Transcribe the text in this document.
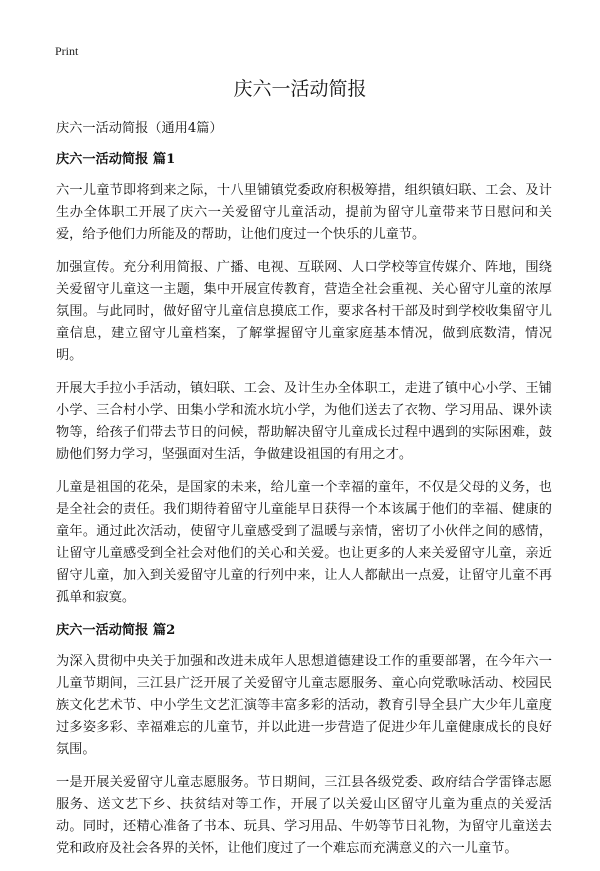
Print
庆六一活动简报

庆六一活动简报（通用4篇）

庆六一活动简报 篇1

六一儿童节即将到来之际，十八里铺镇党委政府积极筹措，组织镇妇联、工会、及计生办全体职工开展了庆六一关爱留守儿童活动，提前为留守儿童带来节日慰问和关爱，给予他们力所能及的帮助，让他们度过一个快乐的儿童节。

加强宣传。充分利用简报、广播、电视、互联网、人口学校等宣传媒介、阵地，围绕关爱留守儿童这一主题，集中开展宣传教育，营造全社会重视、关心留守儿童的浓厚氛围。与此同时，做好留守儿童信息摸底工作，要求各村干部及时到学校收集留守儿童信息，建立留守儿童档案，了解掌握留守儿童家庭基本情况，做到底数清，情况明。

开展大手拉小手活动，镇妇联、工会、及计生办全体职工，走进了镇中心小学、王铺小学、三合村小学、田集小学和流水坑小学，为他们送去了衣物、学习用品、课外读物等，给孩子们带去节日的问候，帮助解决留守儿童成长过程中遇到的实际困难，鼓励他们努力学习，坚强面对生活，争做建设祖国的有用之才。

儿童是祖国的花朵，是国家的未来，给儿童一个幸福的童年，不仅是父母的义务，也是全社会的责任。我们期待着留守儿童能早日获得一个本该属于他们的幸福、健康的童年。通过此次活动，使留守儿童感受到了温暖与亲情，密切了小伙伴之间的感情，让留守儿童感受到全社会对他们的关心和关爱。也让更多的人来关爱留守儿童，亲近留守儿童，加入到关爱留守儿童的行列中来，让人人都献出一点爱，让留守儿童不再孤单和寂寞。

庆六一活动简报 篇2

为深入贯彻中央关于加强和改进未成年人思想道德建设工作的重要部署，在今年六一儿童节期间，三江县广泛开展了关爱留守儿童志愿服务、童心向党歌咏活动、校园民族文化艺术节、中小学生文艺汇演等丰富多彩的活动，教育引导全县广大少年儿童度过多姿多彩、幸福难忘的儿童节，并以此进一步营造了促进少年儿童健康成长的良好氛围。

一是开展关爱留守儿童志愿服务。节日期间，三江县各级党委、政府结合学雷锋志愿服务、送文艺下乡、扶贫结对等工作，开展了以关爱山区留守儿童为重点的关爱活动。同时，还精心准备了书本、玩具、学习用品、牛奶等节日礼物，为留守儿童送去党和政府及社会各界的关怀，让他们度过了一个难忘而充满意义的六一儿童节。
